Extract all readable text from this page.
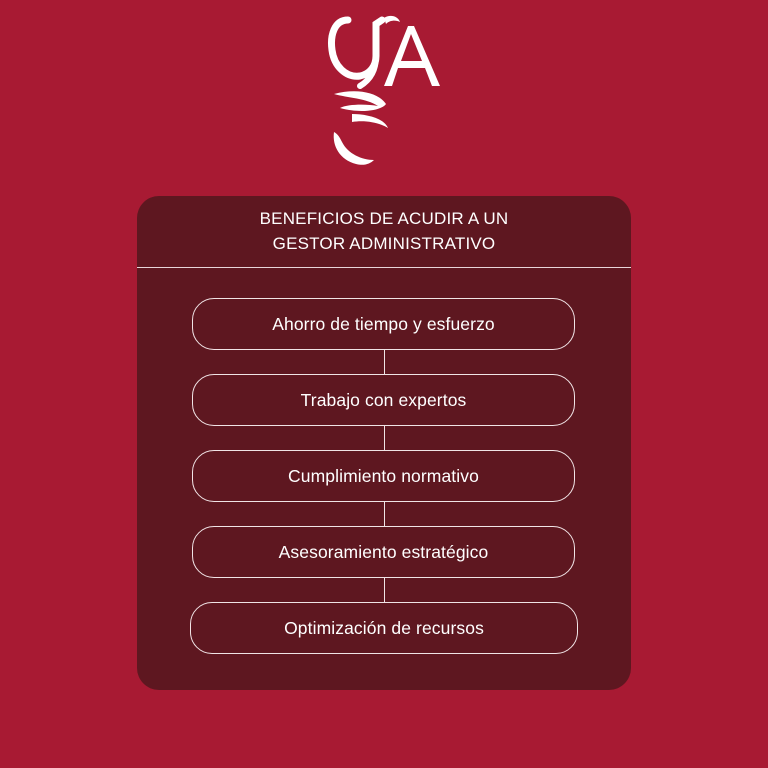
BENEFICIOS DE ACUDIR A UN
GESTOR ADMINISTRATIVO
Ahorro de tiempo y esfuerzo
Trabajo con expertos
Cumplimiento normativo
Asesoramiento estratégico
Optimización de recursos
